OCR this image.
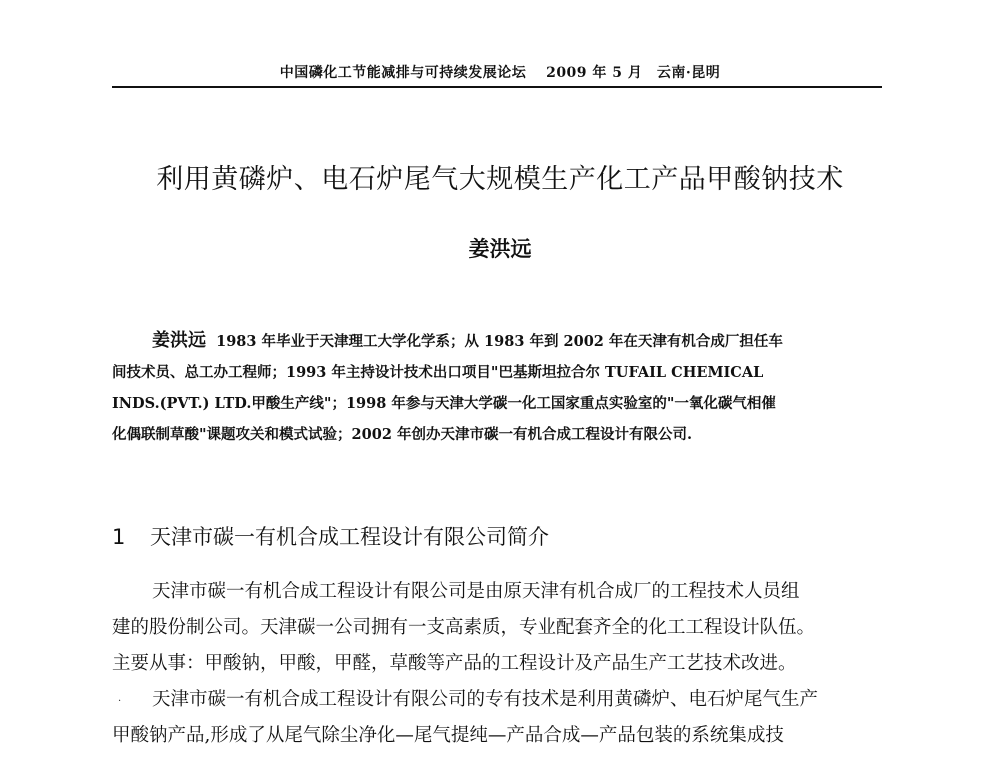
中国磷化工节能减排与可持续发展论坛　 2009 年 5 月　云南·昆明
利用黄磷炉、电石炉尾气大规模生产化工产品甲酸钠技术
姜洪远
姜洪远 1983 年毕业于天津理工大学化学系；从 1983 年到 2002 年在天津有机合成厂担任车
间技术员、总工办工程师；1993 年主持设计技术出口项目"巴基斯坦拉合尔 TUFAIL CHEMICAL
INDS.(PVT.) LTD.甲酸生产线"；1998 年参与天津大学碳一化工国家重点实验室的"一氧化碳气相催
化偶联制草酸"课题攻关和模式试验；2002 年创办天津市碳一有机合成工程设计有限公司.
1 天津市碳一有机合成工程设计有限公司简介
天津市碳一有机合成工程设计有限公司是由原天津有机合成厂的工程技术人员组
建的股份制公司。天津碳一公司拥有一支高素质，专业配套齐全的化工工程设计队伍。
主要从事：甲酸钠，甲酸，甲醛，草酸等产品的工程设计及产品生产工艺技术改进。
天津市碳一有机合成工程设计有限公司的专有技术是利用黄磷炉、电石炉尾气生产
甲酸钠产品,形成了从尾气除尘净化—尾气提纯—产品合成—产品包装的系统集成技
·
